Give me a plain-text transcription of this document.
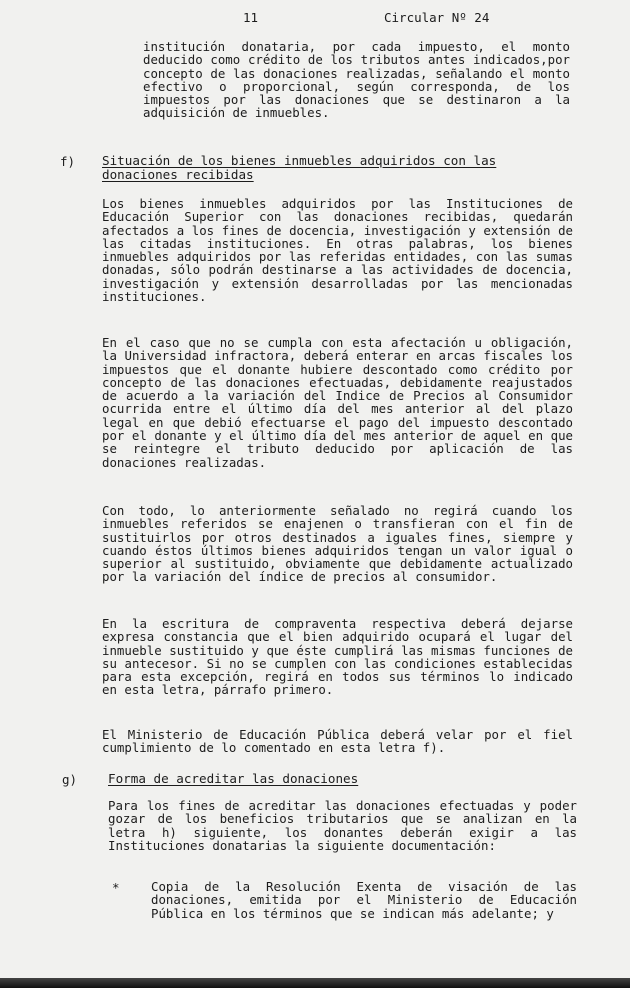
11	Circular Nº 24
institución donataria, por cada impuesto, el monto deducido como crédito de los tributos antes indicados,por concepto de las donaciones realizadas, señalando el monto efectivo o proporcional, según corresponda, de los impuestos por las donaciones que se destinaron a la adquisición de inmuebles.
f) Situación de los bienes inmuebles adquiridos con las donaciones recibidas
Los bienes inmuebles adquiridos por las Instituciones de Educación Superior con las donaciones recibidas, quedarán afectados a los fines de docencia, investigación y extensión de las citadas instituciones. En otras palabras, los bienes inmuebles adquiridos por las referidas entidades, con las sumas donadas, sólo podrán destinarse a las actividades de docencia, investigación y extensión desarrolladas por las mencionadas instituciones.
En el caso que no se cumpla con esta afectación u obligación, la Universidad infractora, deberá enterar en arcas fiscales los impuestos que el donante hubiere descontado como crédito por concepto de las donaciones efectuadas, debidamente reajustados de acuerdo a la variación del Indice de Precios al Consumidor ocurrida entre el último día del mes anterior al del plazo legal en que debió efectuarse el pago del impuesto descontado por el donante y el último día del mes anterior de aquel en que se reintegre el tributo deducido por aplicación de las donaciones realizadas.
Con todo, lo anteriormente señalado no regirá cuando los inmuebles referidos se enajenen o transfieran con el fin de sustituirlos por otros destinados a iguales fines, siempre y cuando éstos últimos bienes adquiridos tengan un valor igual o superior al sustituido, obviamente que debidamente actualizado por la variación del índice de precios al consumidor.
En la escritura de compraventa respectiva deberá dejarse expresa constancia que el bien adquirido ocupará el lugar del inmueble sustituido y que éste cumplirá las mismas funciones de su antecesor. Si no se cumplen con las condiciones establecidas para esta excepción, regirá en todos sus términos lo indicado en esta letra, párrafo primero.
El Ministerio de Educación Pública deberá velar por el fiel cumplimiento de lo comentado en esta letra f).
g) Forma de acreditar las donaciones
Para los fines de acreditar las donaciones efectuadas y poder gozar de los beneficios tributarios que se analizan en la letra h) siguiente, los donantes deberán exigir a las Instituciones donatarias la siguiente documentación:
*	Copia de la Resolución Exenta de visación de las donaciones, emitida por el Ministerio de Educación Pública en los términos que se indican más adelante; y
